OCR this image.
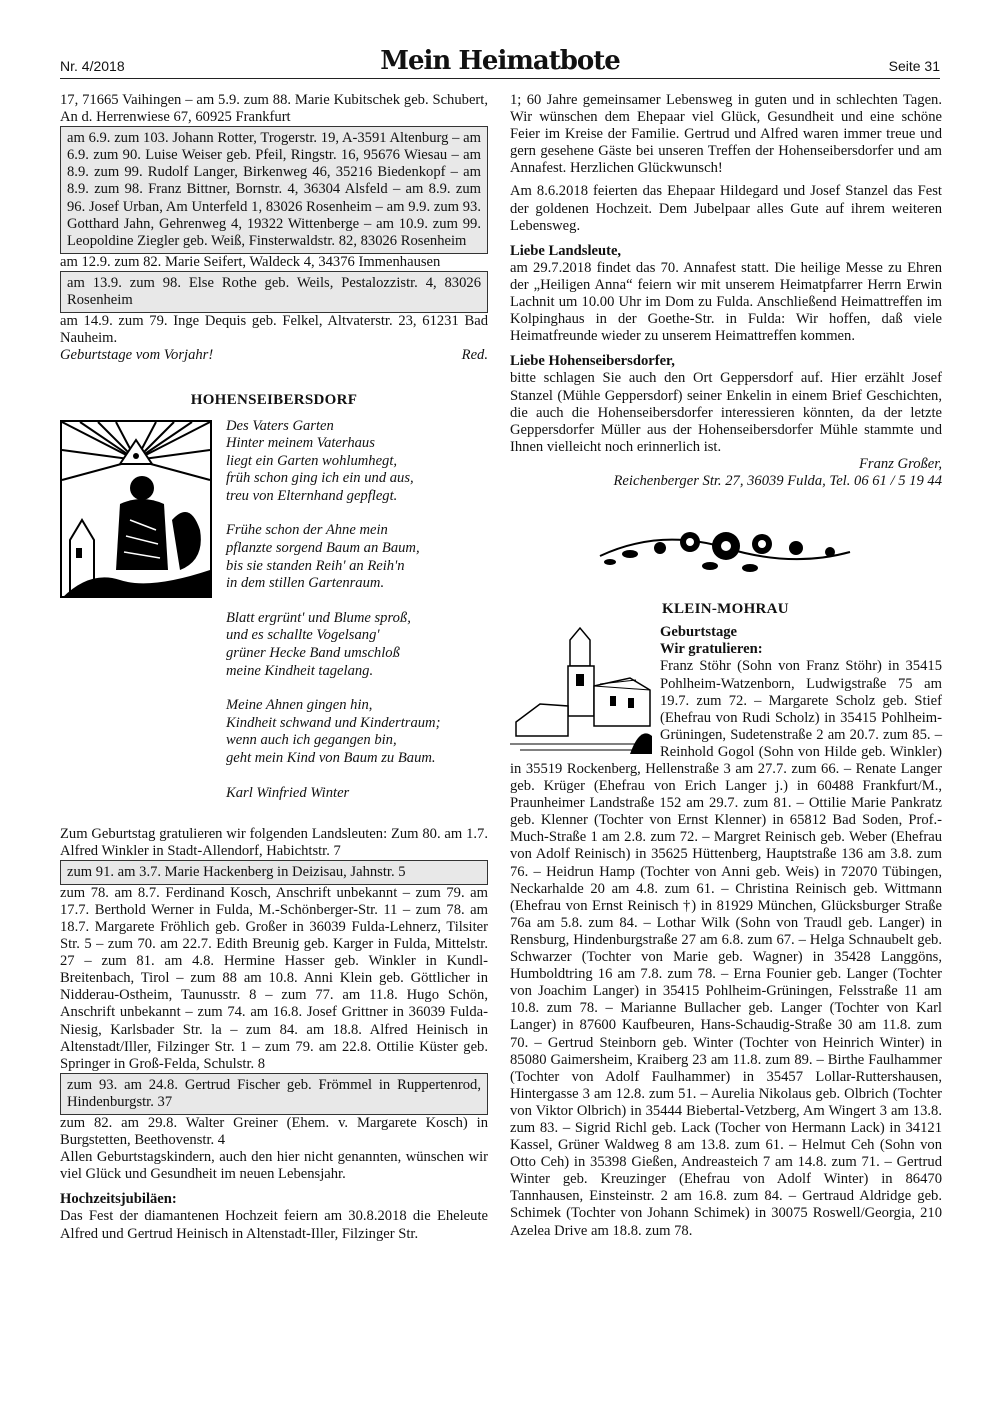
Nr. 4/2018	Mein Heimatbote	Seite 31

17, 71665 Vaihingen – am 5.9. zum 88. Marie Kubitschek geb. Schubert, An d. Herrenwiese 67, 60925 Frankfurt

am 6.9. zum 103. Johann Rotter, Trogerstr. 19, A-3591 Altenburg – am 6.9. zum 90. Luise Weiser geb. Pfeil, Ringstr. 16, 95676 Wiesau – am 8.9. zum 99. Rudolf Langer, Birkenweg 46, 35216 Biedenkopf – am 8.9. zum 98. Franz Bittner, Bornstr. 4, 36304 Alsfeld – am 8.9. zum 96. Josef Urban, Am Unterfeld 1, 83026 Rosenheim – am 9.9. zum 93. Gotthard Jahn, Gehrenweg 4, 19322 Wittenberge – am 10.9. zum 99. Leopoldine Ziegler geb. Weiß, Finsterwaldstr. 82, 83026 Rosenheim

am 12.9. zum 82. Marie Seifert, Waldeck 4, 34376 Immenhausen

am 13.9. zum 98. Else Rothe geb. Weils, Pestalozzistr. 4, 83026 Rosenheim

am 14.9. zum 79. Inge Dequis geb. Felkel, Altvaterstr. 23, 61231 Bad Nauheim.

Geburtstage vom Vorjahr!	Red.
HOHENSEIBERSDORF
Des Vaters Garten
Hinter meinem Vaterhaus
liegt ein Garten wohlumhegt,
früh schon ging ich ein und aus,
treu von Elternhand gepflegt.
Frühe schon der Ahne mein
pflanzte sorgend Baum an Baum,
bis sie standen Reih' an Reih'n
in dem stillen Gartenraum.
Blatt ergrünt' und Blume sproß,
und es schallte Vogelsang'
grüner Hecke Band umschloß
meine Kindheit tagelang.
Meine Ahnen gingen hin,
Kindheit schwand und Kindertraum;
wenn auch ich gegangen bin,
geht mein Kind von Baum zu Baum.
Karl Winfried Winter

Zum Geburtstag gratulieren wir folgenden Landsleuten: Zum 80. am 1.7. Alfred Winkler in Stadt-Allendorf, Habichtstr. 7

zum 91. am 3.7. Marie Hackenberg in Deizisau, Jahnstr. 5

zum 78. am 8.7. Ferdinand Kosch, Anschrift unbekannt – zum 79. am 17.7. Berthold Werner in Fulda, M.-Schönberger-Str. 11 – zum 78. am 18.7. Margarete Fröhlich geb. Großer in 36039 Fulda-Lehnerz, Tilsiter Str. 5 – zum 70. am 22.7. Edith Breunig geb. Karger in Fulda, Mittelstr. 27 – zum 81. am 4.8. Hermine Hasser geb. Winkler in Kundl-Breitenbach, Tirol – zum 88 am 10.8. Anni Klein geb. Göttlicher in Nidderau-Ostheim, Taunusstr. 8 – zum 77. am 11.8. Hugo Schön, Anschrift unbekannt – zum 74. am 16.8. Josef Grittner in 36039 Fulda-Niesig, Karlsbader Str. la – zum 84. am 18.8. Alfred Heinisch in Altenstadt/Iller, Filzinger Str. 1 – zum 79. am 22.8. Ottilie Küster geb. Springer in Groß-Felda, Schulstr. 8

zum 93. am 24.8. Gertrud Fischer geb. Frömmel in Ruppertenrod, Hindenburgstr. 37

zum 82. am 29.8. Walter Greiner (Ehem. v. Margarete Kosch) in Burgstetten, Beethovenstr. 4

Allen Geburtstagskindern, auch den hier nicht genannten, wünschen wir viel Glück und Gesundheit im neuen Lebensjahr.

Hochzeitsjubiläen:

Das Fest der diamantenen Hochzeit feiern am 30.8.2018 die Eheleute Alfred und Gertrud Heinisch in Altenstadt-Iller, Filzinger Str.

1; 60 Jahre gemeinsamer Lebensweg in guten und in schlechten Tagen. Wir wünschen dem Ehepaar viel Glück, Gesundheit und eine schöne Feier im Kreise der Familie. Gertrud und Alfred waren immer treue und gern gesehene Gäste bei unseren Treffen der Hohenseibersdorfer und am Annafest. Herzlichen Glückwunsch!

Am 8.6.2018 feierten das Ehepaar Hildegard und Josef Stanzel das Fest der goldenen Hochzeit. Dem Jubelpaar alles Gute auf ihrem weiteren Lebensweg.

Liebe Landsleute,

am 29.7.2018 findet das 70. Annafest statt. Die heilige Messe zu Ehren der „Heiligen Anna“ feiern wir mit unserem Heimatpfarrer Herrn Erwin Lachnit um 10.00 Uhr im Dom zu Fulda. Anschließend Heimattreffen im Kolpinghaus in der Goethe-Str. in Fulda: Wir hoffen, daß viele Heimatfreunde wieder zu unserem Heimattreffen kommen.

Liebe Hohenseibersdorfer,

bitte schlagen Sie auch den Ort Geppersdorf auf. Hier erzählt Josef Stanzel (Mühle Geppersdorf) seiner Enkelin in einem Brief Geschichten, die auch die Hohenseibersdorfer interessieren könnten, da der letzte Geppersdorfer Müller aus der Hohenseibersdorfer Mühle stammte und Ihnen vielleicht noch erinnerlich ist.

Franz Großer,

Reichenberger Str. 27, 36039 Fulda, Tel. 06 61 / 5 19 44

KLEIN-MOHRAU

Geburtstage

Wir gratulieren:

Franz Stöhr (Sohn von Franz Stöhr) in 35415 Pohlheim-Watzenborn, Ludwigstraße 75 am 19.7. zum 72. – Margarete Scholz geb. Stief (Ehefrau von Rudi Scholz) in 35415 Pohlheim-Grüningen, Sudetenstraße 2 am 20.7. zum 85. – Reinhold Gogol (Sohn von Hilde geb. Winkler) in 35519 Rockenberg, Hellenstraße 3 am 27.7. zum 66. – Renate Langer geb. Krüger (Ehefrau von Erich Langer j.) in 60488 Frankfurt/M., Praunheimer Landstraße 152 am 29.7. zum 81. – Ottilie Marie Pankratz geb. Klenner (Tochter von Ernst Klenner) in 65812 Bad Soden, Prof.-Much-Straße 1 am 2.8. zum 72. – Margret Reinisch geb. Weber (Ehefrau von Adolf Reinisch) in 35625 Hüttenberg, Hauptstraße 136 am 3.8. zum 76. – Heidrun Hamp (Tochter von Anni geb. Weis) in 72070 Tübingen, Neckarhalde 20 am 4.8. zum 61. – Christina Reinisch geb. Wittmann (Ehefrau von Ernst Reinisch †) in 81929 München, Glücksburger Straße 76a am 5.8. zum 84. – Lothar Wilk (Sohn von Traudl geb. Langer) in Rensburg, Hindenburgstraße 27 am 6.8. zum 67. – Helga Schnaubelt geb. Schwarzer (Tochter von Marie geb. Wagner) in 35428 Langgöns, Humboldtring 16 am 7.8. zum 78. – Erna Founier geb. Langer (Tochter von Joachim Langer) in 35415 Pohlheim-Grüningen, Felsstraße 11 am 10.8. zum 78. – Marianne Bullacher geb. Langer (Tochter von Karl Langer) in 87600 Kaufbeuren, Hans-Schaudig-Straße 30 am 11.8. zum 70. – Gertrud Steinborn geb. Winter (Tochter von Heinrich Winter) in 85080 Gaimersheim, Kraiberg 23 am 11.8. zum 89. – Birthe Faulhammer (Tochter von Adolf Faulhammer) in 35457 Lollar-Ruttershausen, Hintergasse 3 am 12.8. zum 51. – Aurelia Nikolaus geb. Olbrich (Tochter von Viktor Olbrich) in 35444 Biebertal-Vetzberg, Am Wingert 3 am 13.8. zum 83. – Sigrid Richl geb. Lack (Tocher von Hermann Lack) in 34121 Kassel, Grüner Waldweg 8 am 13.8. zum 61. – Helmut Ceh (Sohn von Otto Ceh) in 35398 Gießen, Andreasteich 7 am 14.8. zum 71. – Gertrud Winter geb. Kreuzinger (Ehefrau von Adolf Winter) in 86470 Tannhausen, Einsteinstr. 2 am 16.8. zum 84. – Gertraud Aldridge geb. Schimek (Tochter von Johann Schimek) in 30075 Roswell/Georgia, 210 Azelea Drive am 18.8. zum 78.
